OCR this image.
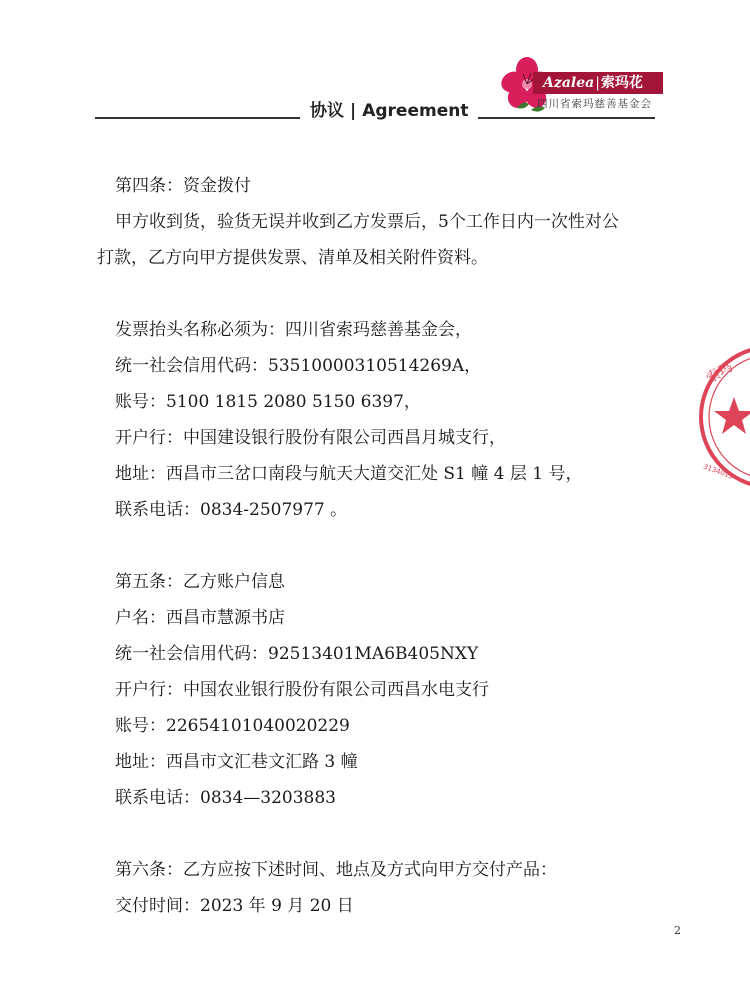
协议 | Agreement
Azalea|索玛花
四川省索玛慈善基金会

第四条：资金拨付

甲方收到货，验货无误并收到乙方发票后，5个工作日内一次性对公

打款，乙方向甲方提供发票、清单及相关附件资料。

发票抬头名称必须为：四川省索玛慈善基金会，

统一社会信用代码：53510000310514269A，

账号：5100 1815 2080 5150 6397，

开户行：中国建设银行股份有限公司西昌月城支行，

地址：西昌市三岔口南段与航天大道交汇处 S1 幢 4 层 1 号，

联系电话：0834-2507977 。

第五条：乙方账户信息

户名：西昌市慧源书店

统一社会信用代码：92513401MA6B405NXY

开户行：中国农业银行股份有限公司西昌水电支行

账号：22654101040020229

地址：西昌市文汇巷文汇路 3 幢

联系电话：0834—3203883

第六条：乙方应按下述时间、地点及方式向甲方交付产品：

交付时间：2023 年 9 月 20 日

索玛
3134015
2
